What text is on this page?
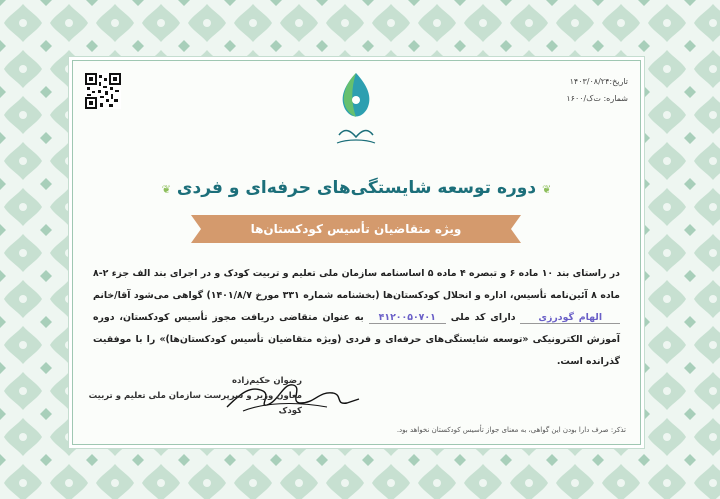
تاریخ:۱۴۰۳/۰۸/۲۴
شماره: ت‌ک/۱۶۰۰
❦دوره توسعه شایستگی‌های حرفه‌ای و فردی❦
ویژه متقاضیان تأسیس کودکستان‌ها
در راستای بند ۱۰ ماده ۶ و تبصره ۴ ماده ۵ اساسنامه سازمان ملی تعلیم و تربیت کودک و در اجرای بند الف جزء ۲-۸ ماده ۸ آئین‌نامه تأسیس، اداره و انحلال کودکستان‌ها (بخشنامه شماره ۳۳۱ مورخ ۱۴۰۱/۸/۷) گواهی می‌شود آقا/خانم الهام گودرزی دارای کد ملی ۴۱۲۰۰۵۰۷۰۱ به عنوان متقاضی دریافت مجوز تأسیس کودکستان، دوره آموزش الکترونیکی «توسعه شایستگی‌های حرفه‌ای و فردی (ویژه متقاضیان تأسیس کودکستان‌ها)» را با موفقیت گذرانده است.
رضوان حکیم‌زاده
معاون وزیر و سرپرست سازمان ملی تعلیم و تربیت کودک
تذکر: صرف دارا بودن این گواهی، به معنای جواز تأسیس کودکستان نخواهد بود.
